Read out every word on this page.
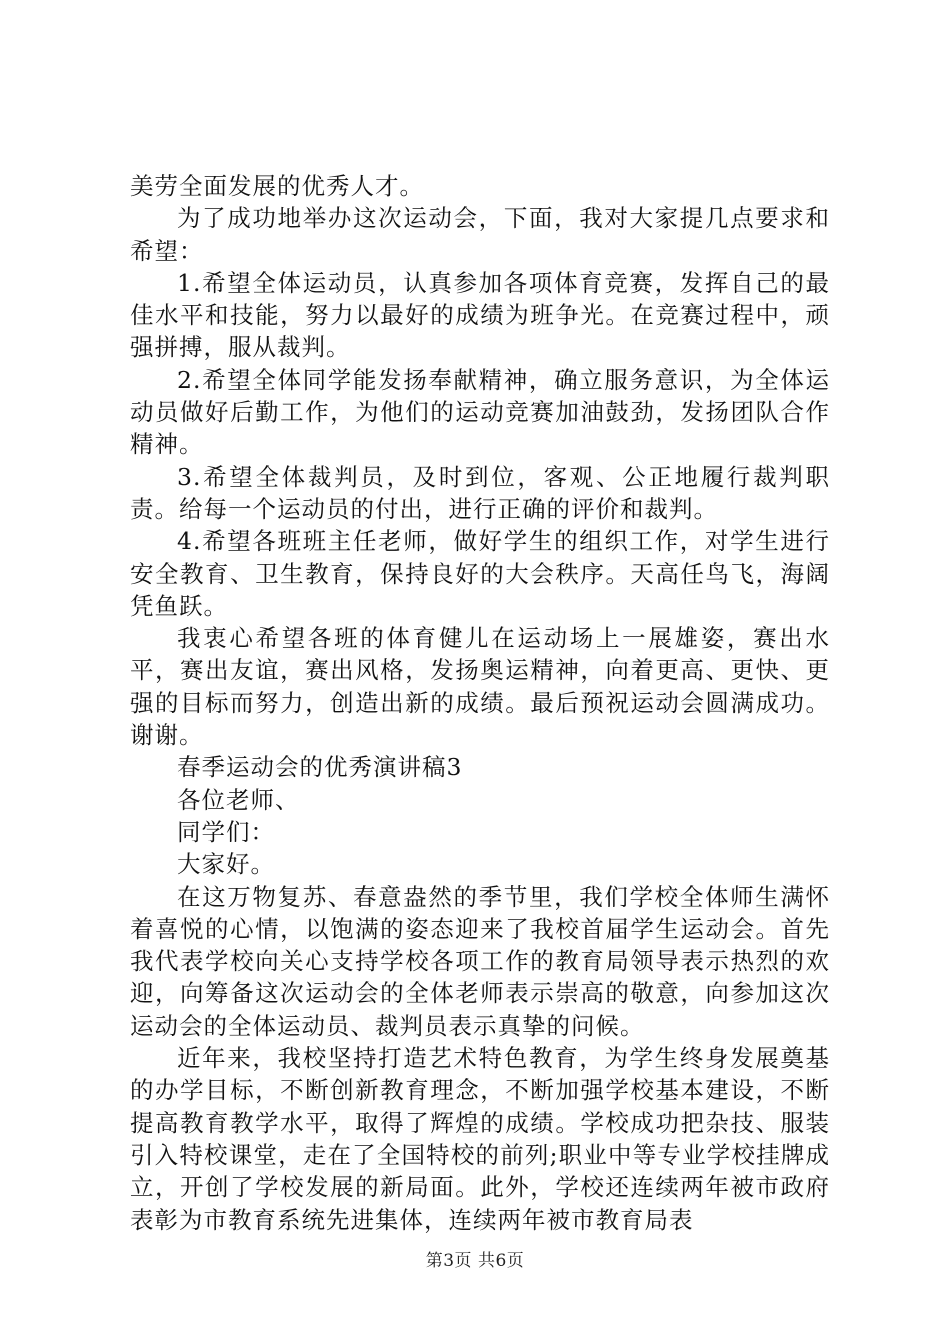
美劳全面发展的优秀人才。

为了成功地举办这次运动会，下面，我对大家提几点要求和希望：

1.希望全体运动员，认真参加各项体育竞赛，发挥自己的最佳水平和技能，努力以最好的成绩为班争光。在竞赛过程中，顽强拼搏，服从裁判。

2.希望全体同学能发扬奉献精神，确立服务意识，为全体运动员做好后勤工作，为他们的运动竞赛加油鼓劲，发扬团队合作精神。

3.希望全体裁判员，及时到位，客观、公正地履行裁判职责。给每一个运动员的付出，进行正确的评价和裁判。

4.希望各班班主任老师，做好学生的组织工作，对学生进行安全教育、卫生教育，保持良好的大会秩序。天高任鸟飞，海阔凭鱼跃。

我衷心希望各班的体育健儿在运动场上一展雄姿，赛出水平，赛出友谊，赛出风格，发扬奥运精神，向着更高、更快、更强的目标而努力，创造出新的成绩。最后预祝运动会圆满成功。谢谢。

春季运动会的优秀演讲稿3

各位老师、

同学们：

大家好。

在这万物复苏、春意盎然的季节里，我们学校全体师生满怀着喜悦的心情，以饱满的姿态迎来了我校首届学生运动会。首先我代表学校向关心支持学校各项工作的教育局领导表示热烈的欢迎，向筹备这次运动会的全体老师表示崇高的敬意，向参加这次运动会的全体运动员、裁判员表示真挚的问候。

近年来，我校坚持打造艺术特色教育，为学生终身发展奠基的办学目标，不断创新教育理念，不断加强学校基本建设，不断提高教育教学水平，取得了辉煌的成绩。学校成功把杂技、服装引入特校课堂，走在了全国特校的前列;职业中等专业学校挂牌成立，开创了学校发展的新局面。此外，学校还连续两年被市政府表彰为市教育系统先进集体，连续两年被市教育局表

第3页 共6页
